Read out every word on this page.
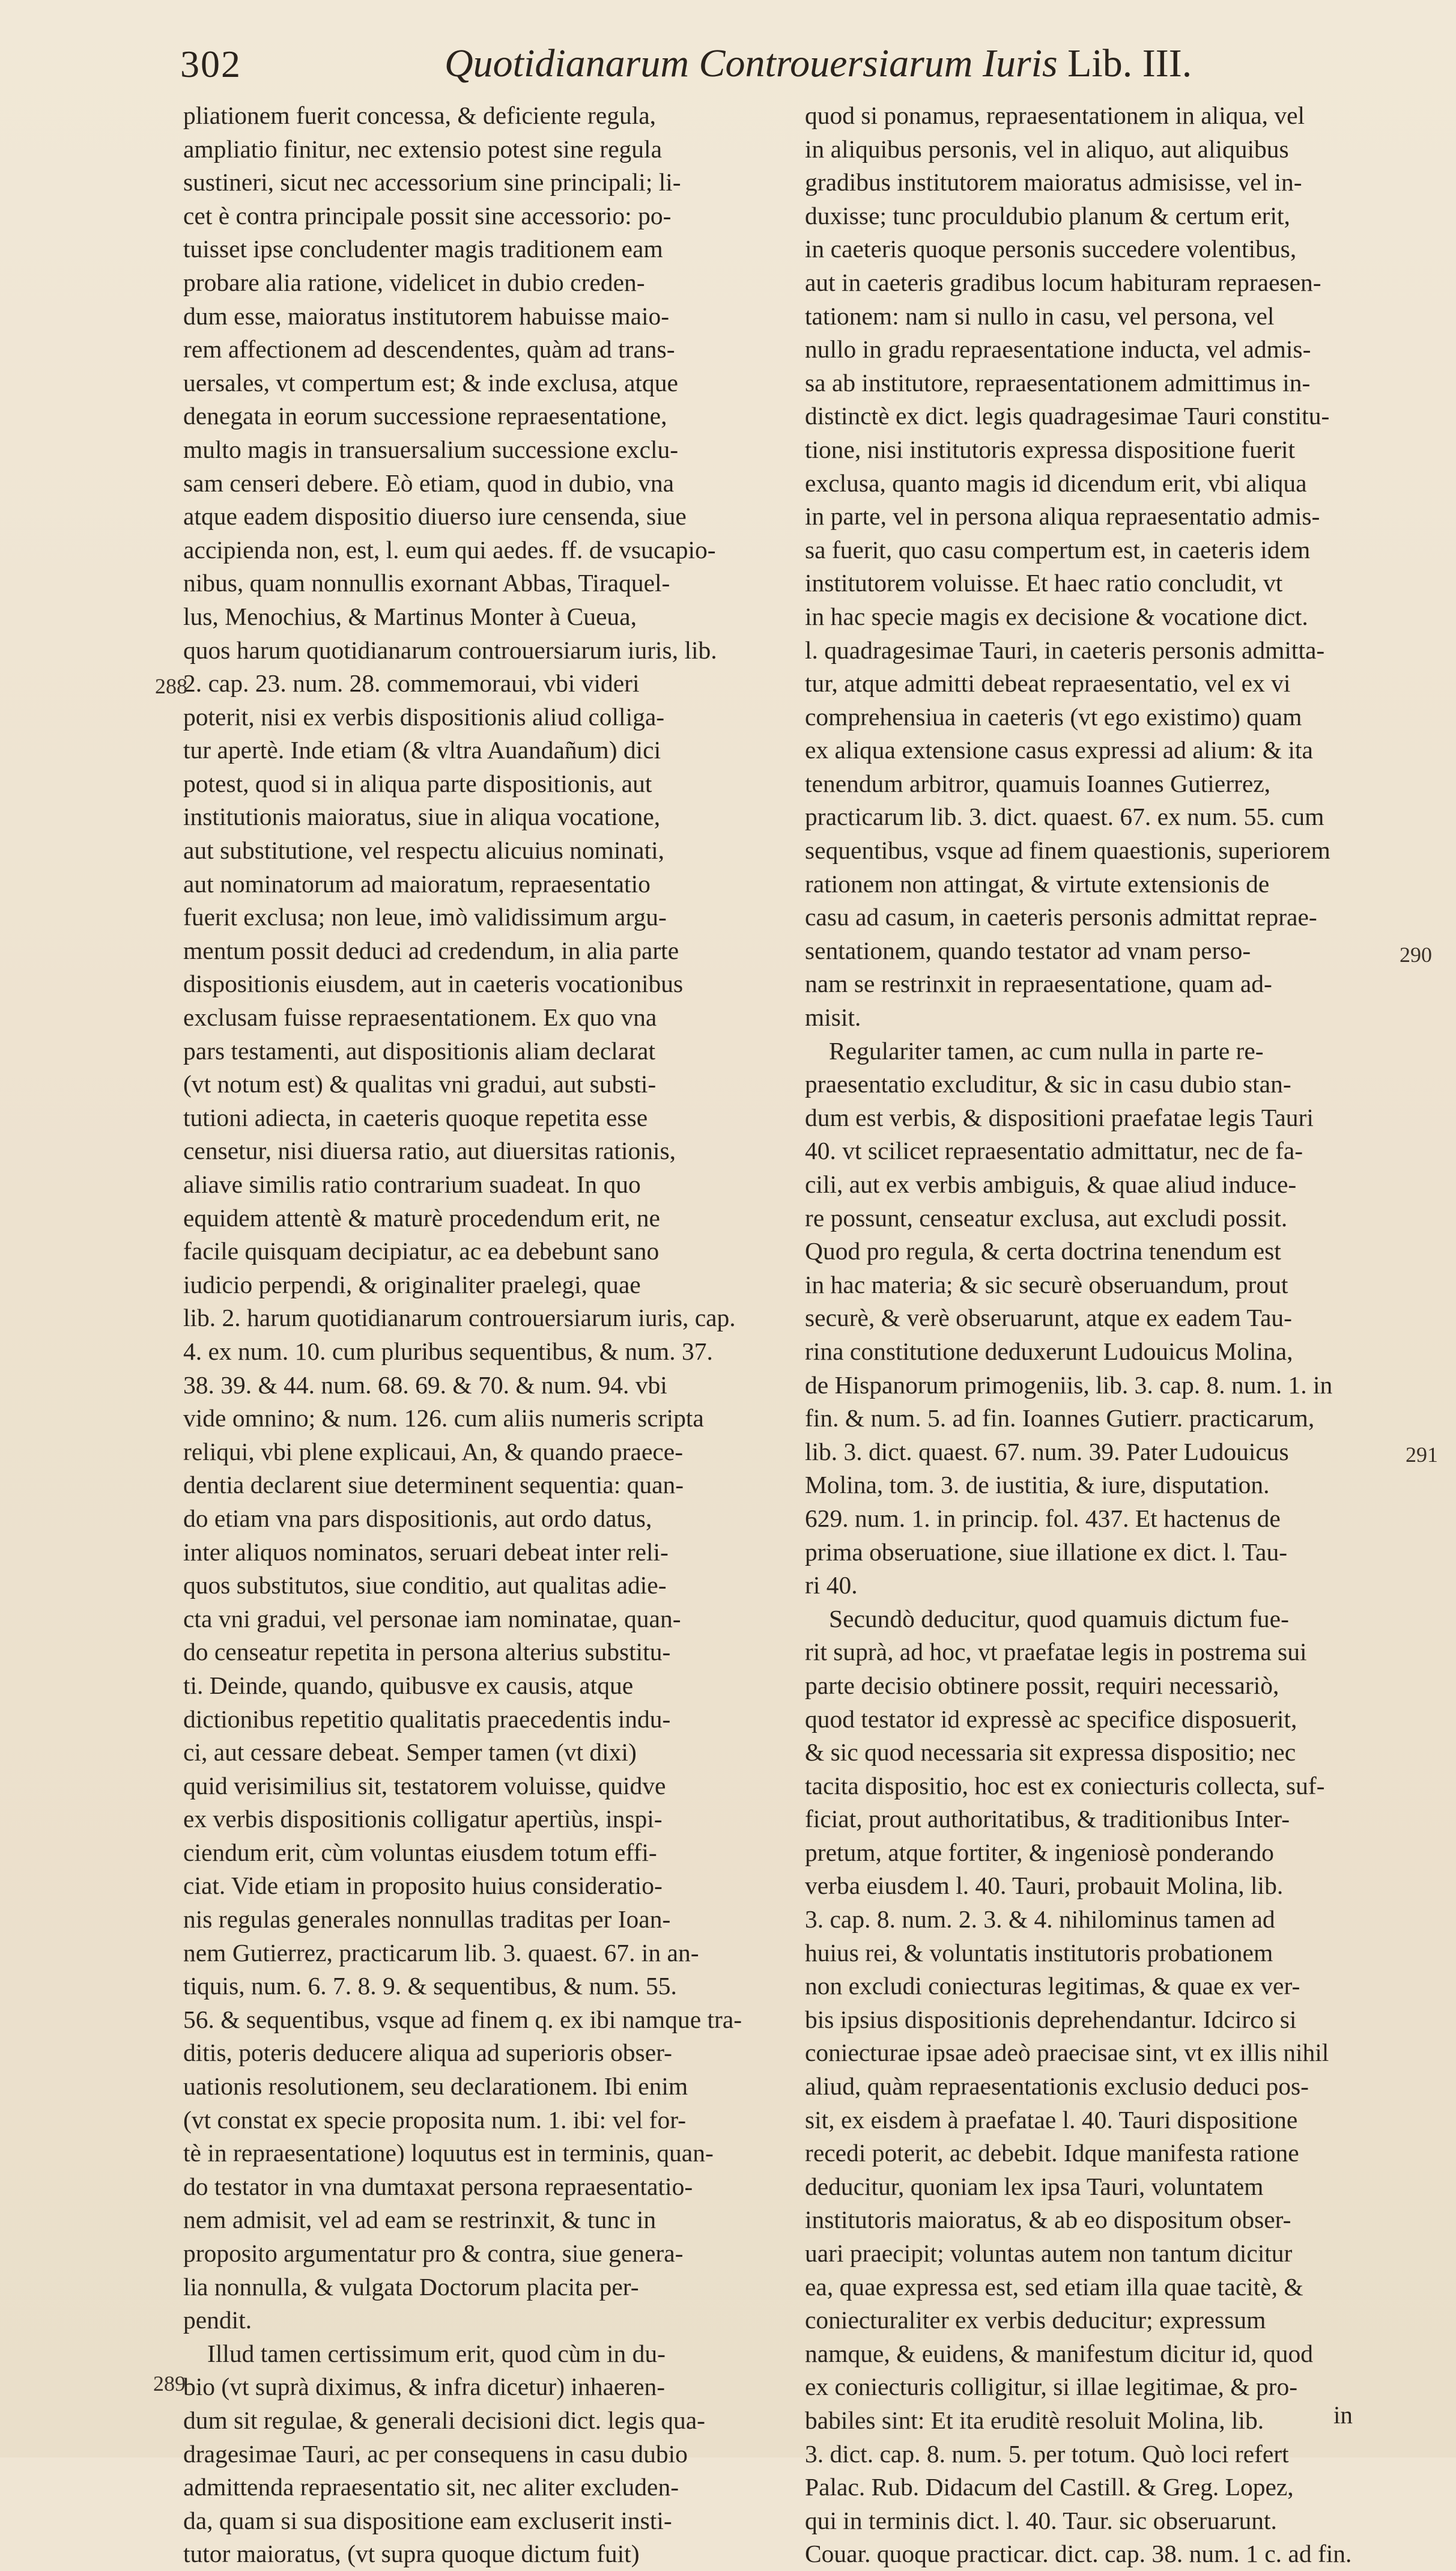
302	Quotidianarum Controuersiarum Iuris Lib. III.
pliationem fuerit concessa, & deficiente regula,
ampliatio finitur, nec extensio potest sine regula
sustineri, sicut nec accessorium sine principali; li-
cet è contra principale possit sine accessorio: po-
tuisset ipse concludenter magis traditionem eam
probare alia ratione, videlicet in dubio creden-
dum esse, maioratus institutorem habuisse maio-
rem affectionem ad descendentes, quàm ad trans-
uersales, vt compertum est; & inde exclusa, atque
denegata in eorum successione repraesentatione,
multo magis in transuersalium successione exclu-
sam censeri debere. Eò etiam, quod in dubio, vna
atque eadem dispositio diuerso iure censenda, siue
accipienda non, est, l. eum qui aedes. ff. de vsucapio-
nibus, quam nonnullis exornant Abbas, Tiraquel-
lus, Menochius, & Martinus Monter à Cueua,
quos harum quotidianarum controuersiarum iuris, lib.
2. cap. 23. num. 28. commemoraui, vbi videri
poterit, nisi ex verbis dispositionis aliud colliga-
tur apertè. Inde etiam (& vltra Auandañum) dici
potest, quod si in aliqua parte dispositionis, aut
institutionis maioratus, siue in aliqua vocatione,
aut substitutione, vel respectu alicuius nominati,
aut nominatorum ad maioratum, repraesentatio
fuerit exclusa; non leue, imò validissimum argu-
mentum possit deduci ad credendum, in alia parte
dispositionis eiusdem, aut in caeteris vocationibus
exclusam fuisse repraesentationem. Ex quo vna
pars testamenti, aut dispositionis aliam declarat
(vt notum est) & qualitas vni gradui, aut substi-
tutioni adiecta, in caeteris quoque repetita esse
censetur, nisi diuersa ratio, aut diuersitas rationis,
aliave similis ratio contrarium suadeat. In quo
equidem attentè & maturè procedendum erit, ne
facile quisquam decipiatur, ac ea debebunt sano
iudicio perpendi, & originaliter praelegi, quae
lib. 2. harum quotidianarum controuersiarum iuris, cap.
4. ex num. 10. cum pluribus sequentibus, & num. 37.
38. 39. & 44. num. 68. 69. & 70. & num. 94. vbi
vide omnino; & num. 126. cum aliis numeris scripta
reliqui, vbi plene explicaui, An, & quando praece-
dentia declarent siue determinent sequentia: quan-
do etiam vna pars dispositionis, aut ordo datus,
inter aliquos nominatos, seruari debeat inter reli-
quos substitutos, siue conditio, aut qualitas adie-
cta vni gradui, vel personae iam nominatae, quan-
do censeatur repetita in persona alterius substitu-
ti. Deinde, quando, quibusve ex causis, atque
dictionibus repetitio qualitatis praecedentis indu-
ci, aut cessare debeat. Semper tamen (vt dixi)
quid verisimilius sit, testatorem voluisse, quidve
ex verbis dispositionis colligatur apertiùs, inspi-
ciendum erit, cùm voluntas eiusdem totum effi-
ciat. Vide etiam in proposito huius consideratio-
nis regulas generales nonnullas traditas per Ioan-
nem Gutierrez, practicarum lib. 3. quaest. 67. in an-
tiquis, num. 6. 7. 8. 9. & sequentibus, & num. 55.
56. & sequentibus, vsque ad finem q. ex ibi namque tra-
ditis, poteris deducere aliqua ad superioris obser-
uationis resolutionem, seu declarationem. Ibi enim
(vt constat ex specie proposita num. 1. ibi: vel for-
tè in repraesentatione) loquutus est in terminis, quan-
do testator in vna dumtaxat persona repraesentatio-
nem admisit, vel ad eam se restrinxit, & tunc in
proposito argumentatur pro & contra, siue genera-
lia nonnulla, & vulgata Doctorum placita per-
pendit.
Illud tamen certissimum erit, quod cùm in du-
bio (vt suprà diximus, & infra dicetur) inhaeren-
dum sit regulae, & generali decisioni dict. legis qua-
dragesimae Tauri, ac per consequens in casu dubio
admittenda repraesentatio sit, nec aliter excluden-
da, quam si sua dispositione eam excluserit insti-
tutor maioratus, (vt supra quoque dictum fuit)
quod si ponamus, repraesentationem in aliqua, vel
in aliquibus personis, vel in aliquo, aut aliquibus
gradibus institutorem maioratus admisisse, vel in-
duxisse; tunc proculdubio planum & certum erit,
in caeteris quoque personis succedere volentibus,
aut in caeteris gradibus locum habituram repraesen-
tationem: nam si nullo in casu, vel persona, vel
nullo in gradu repraesentatione inducta, vel admis-
sa ab institutore, repraesentationem admittimus in-
distinctè ex dict. legis quadragesimae Tauri constitu-
tione, nisi institutoris expressa dispositione fuerit
exclusa, quanto magis id dicendum erit, vbi aliqua
in parte, vel in persona aliqua repraesentatio admis-
sa fuerit, quo casu compertum est, in caeteris idem
institutorem voluisse. Et haec ratio concludit, vt
in hac specie magis ex decisione & vocatione dict.
l. quadragesimae Tauri, in caeteris personis admitta-
tur, atque admitti debeat repraesentatio, vel ex vi
comprehensiua in caeteris (vt ego existimo) quam
ex aliqua extensione casus expressi ad alium: & ita
tenendum arbitror, quamuis Ioannes Gutierrez,
practicarum lib. 3. dict. quaest. 67. ex num. 55. cum
sequentibus, vsque ad finem quaestionis, superiorem
rationem non attingat, & virtute extensionis de
casu ad casum, in caeteris personis admittat reprae-
sentationem, quando testator ad vnam perso-
nam se restrinxit in repraesentatione, quam ad-
misit.
Regulariter tamen, ac cum nulla in parte re-
praesentatio excluditur, & sic in casu dubio stan-
dum est verbis, & dispositioni praefatae legis Tauri
40. vt scilicet repraesentatio admittatur, nec de fa-
cili, aut ex verbis ambiguis, & quae aliud induce-
re possunt, censeatur exclusa, aut excludi possit.
Quod pro regula, & certa doctrina tenendum est
in hac materia; & sic securè obseruandum, prout
securè, & verè obseruarunt, atque ex eadem Tau-
rina constitutione deduxerunt Ludouicus Molina,
de Hispanorum primogeniis, lib. 3. cap. 8. num. 1. in
fin. & num. 5. ad fin. Ioannes Gutierr. practicarum,
lib. 3. dict. quaest. 67. num. 39. Pater Ludouicus
Molina, tom. 3. de iustitia, & iure, disputation.
629. num. 1. in princip. fol. 437. Et hactenus de
prima obseruatione, siue illatione ex dict. l. Tau-
ri 40.
Secundò deducitur, quod quamuis dictum fue-
rit suprà, ad hoc, vt praefatae legis in postrema sui
parte decisio obtinere possit, requiri necessariò,
quod testator id expressè ac specifice disposuerit,
& sic quod necessaria sit expressa dispositio; nec
tacita dispositio, hoc est ex coniecturis collecta, suf-
ficiat, prout authoritatibus, & traditionibus Inter-
pretum, atque fortiter, & ingeniosè ponderando
verba eiusdem l. 40. Tauri, probauit Molina, lib.
3. cap. 8. num. 2. 3. & 4. nihilominus tamen ad
huius rei, & voluntatis institutoris probationem
non excludi coniecturas legitimas, & quae ex ver-
bis ipsius dispositionis deprehendantur. Idcirco si
coniecturae ipsae adeò praecisae sint, vt ex illis nihil
aliud, quàm repraesentationis exclusio deduci pos-
sit, ex eisdem à praefatae l. 40. Tauri dispositione
recedi poterit, ac debebit. Idque manifesta ratione
deducitur, quoniam lex ipsa Tauri, voluntatem
institutoris maioratus, & ab eo dispositum obser-
uari praecipit; voluntas autem non tantum dicitur
ea, quae expressa est, sed etiam illa quae tacitè, &
coniecturaliter ex verbis deducitur; expressum
namque, & euidens, & manifestum dicitur id, quod
ex coniecturis colligitur, si illae legitimae, & pro-
babiles sint: Et ita eruditè resoluit Molina, lib.
3. dict. cap. 8. num. 5. per totum. Quò loci refert
Palac. Rub. Didacum del Castill. & Greg. Lopez,
qui in terminis dict. l. 40. Taur. sic obseruarunt.
Couar. quoque practicar. dict. cap. 38. num. 1 c. ad fin.
288
289
290
291
in
